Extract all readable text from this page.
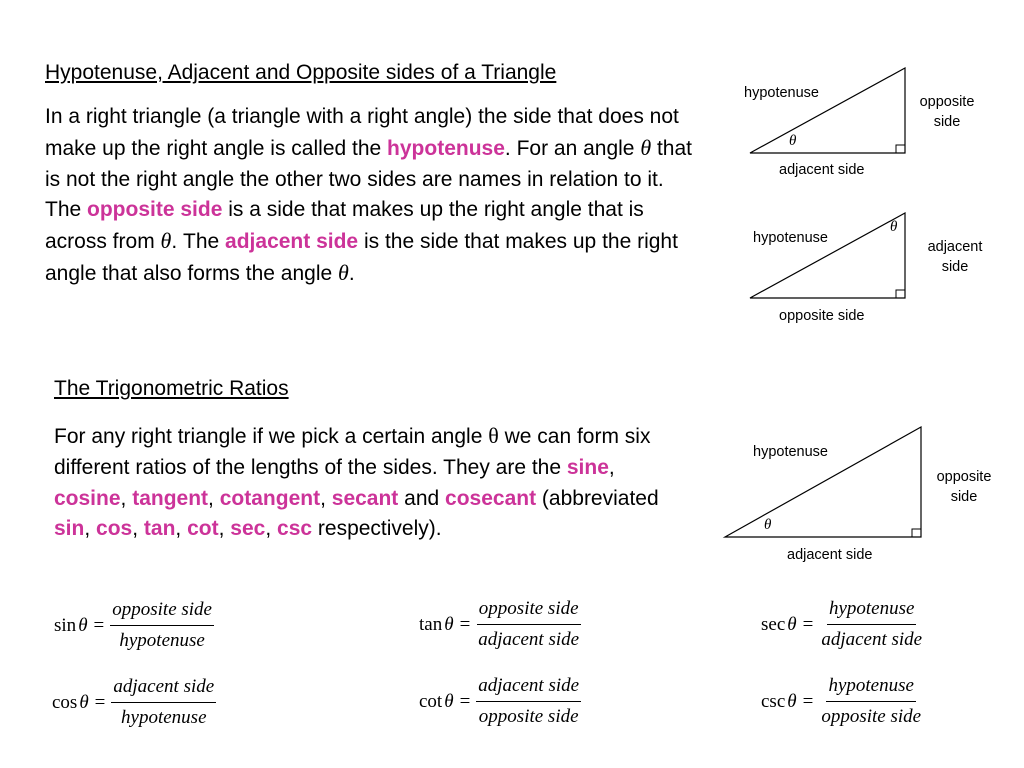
Hypotenuse, Adjacent and Opposite sides of a Triangle

In a right triangle (a triangle with a right angle) the side that does not make up the right angle is called the hypotenuse. For an angle θ that is not the right angle the other two sides are names in relation to it. The opposite side is a side that makes up the right angle that is across from θ. The adjacent side is the side that makes up the right angle that also forms the angle θ.

hypotenuse
opposite side
adjacent side
θ
hypotenuse
adjacent side
opposite side
θ

The Trigonometric Ratios

For any right triangle if we pick a certain angle θ we can form six different ratios of the lengths of the sides. They are the sine, cosine, tangent, cotangent, secant and cosecant (abbreviated sin, cos, tan, cot, sec, csc respectively).

hypotenuse
opposite side
adjacent side
θ
$\sin \theta = \frac{\text{opposite side}}{\text{hypotenuse}}$
$\cos \theta = \frac{\text{adjacent side}}{\text{hypotenuse}}$
$\tan \theta = \frac{\text{opposite side}}{\text{adjacent side}}$
$\cot \theta = \frac{\text{adjacent side}}{\text{opposite side}}$
$\sec \theta = \frac{\text{hypotenuse}}{\text{adjacent side}}$
$\csc \theta = \frac{\text{hypotenuse}}{\text{opposite side}}$
